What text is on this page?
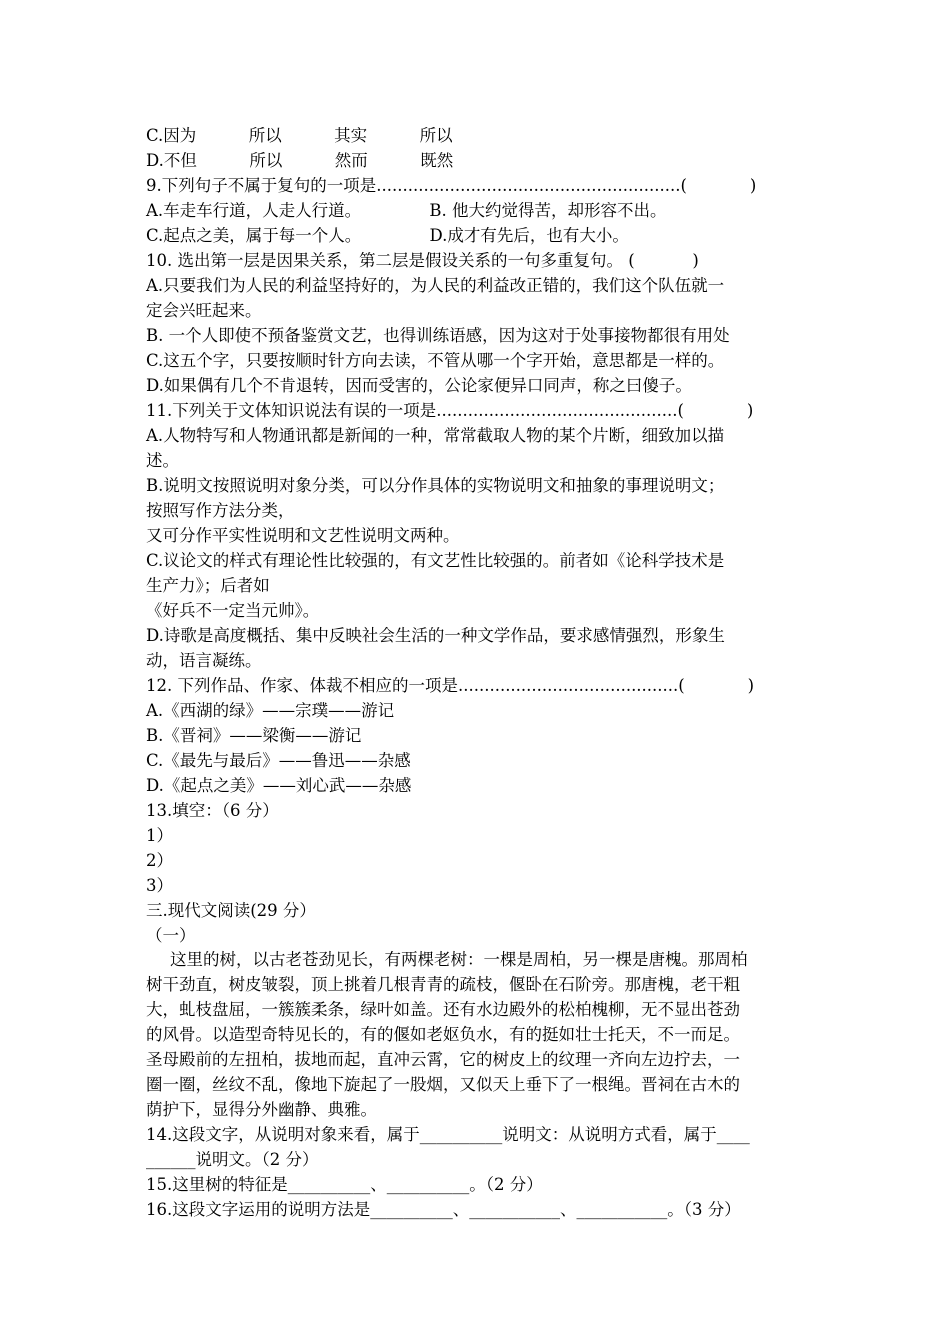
C.因为          所以          其实          所以
D.不但          所以          然而          既然
9.下列句子不属于复句的一项是..........................................................(            )
A.车走车行道，人走人行道。             B. 他大约觉得苦，却形容不出。
C.起点之美，属于每一个人。             D.成才有先后，也有大小。
10. 选出第一层是因果关系，第二层是假设关系的一句多重复句。 (           )
A.只要我们为人民的利益坚持好的，为人民的利益改正错的，我们这个队伍就一
定会兴旺起来。
B. 一个人即使不预备鉴赏文艺，也得训练语感，因为这对于处事接物都很有用处
C.这五个字，只要按顺时针方向去读，不管从哪一个字开始，意思都是一样的。
D.如果偶有几个不肯退转，因而受害的，公论家便异口同声，称之曰傻子。
11.下列关于文体知识说法有误的一项是..............................................(            )
A.人物特写和人物通讯都是新闻的一种，常常截取人物的某个片断，细致加以描
述。
B.说明文按照说明对象分类，可以分作具体的实物说明文和抽象的事理说明文；
按照写作方法分类，
又可分作平实性说明和文艺性说明文两种。
C.议论文的样式有理论性比较强的，有文艺性比较强的。前者如《论科学技术是
生产力》；后者如
《好兵不一定当元帅》。
D.诗歌是高度概括、集中反映社会生活的一种文学作品，要求感情强烈，形象生
动，语言凝练。
12. 下列作品、作家、体裁不相应的一项是..........................................(            )
A.《西湖的绿》——宗璞——游记
B.《晋祠》——梁衡——游记
C.《最先与最后》——鲁迅——杂感
D.《起点之美》——刘心武——杂感
13.填空：（6 分）
1）
2）
3）
三.现代文阅读(29 分）
（一）
这里的树，以古老苍劲见长，有两棵老树：一棵是周柏，另一棵是唐槐。那周柏
树干劲直，树皮皱裂，顶上挑着几根青青的疏枝，偃卧在石阶旁。那唐槐，老干粗
大，虬枝盘屈，一簇簇柔条，绿叶如盖。还有水边殿外的松柏槐柳，无不显出苍劲
的风骨。以造型奇特见长的，有的偃如老妪负水，有的挺如壮士托天，不一而足。
圣母殿前的左扭柏，拔地而起，直冲云霄，它的树皮上的纹理一齐向左边拧去，一
圈一圈，丝纹不乱，像地下旋起了一股烟，又似天上垂下了一根绳。晋祠在古木的
荫护下，显得分外幽静、典雅。
14.这段文字，从说明对象来看，属于__________说明文：从说明方式看，属于____
______说明文。（2 分）
15.这里树的特征是__________、__________。（2 分）
16.这段文字运用的说明方法是__________、___________、___________。（3 分）
